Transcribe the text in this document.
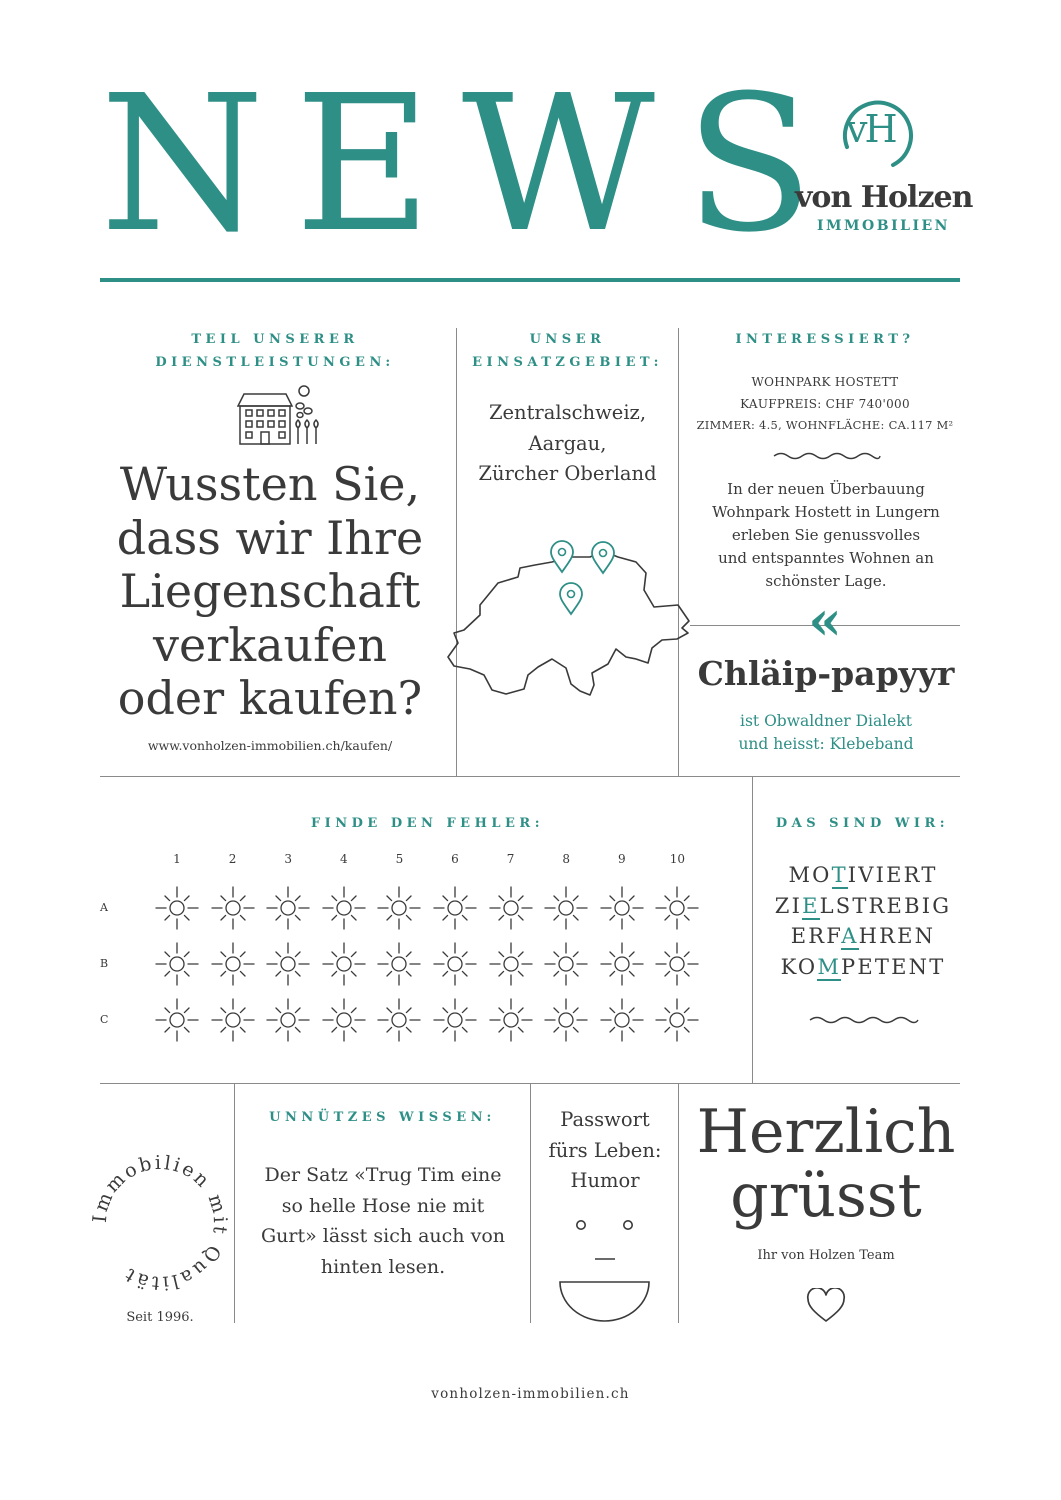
NEWS vH
von Holzen
IMMOBILIEN
TEIL UNSERER
DIENSTLEISTUNGEN:
Wussten Sie,
dass wir Ihre
Liegenschaft
verkaufen
oder kaufen?
www.vonholzen-immobilien.ch/kaufen/
UNSER
EINSATZGEBIET:
Zentralschweiz,
Aargau,
Zürcher Oberland
INTERESSIERT?
WOHNPARK HOSTETT
KAUFPREIS: CHF 740'000
ZIMMER: 4.5, WOHNFLÄCHE: CA.117 M²
In der neuen Überbauung
Wohnpark Hostett in Lungern
erleben Sie genussvolles
und entspanntes Wohnen an
schönster Lage.
«
Chläip-papyyr
ist Obwaldner Dialekt
und heisst: Klebeband
FINDE DEN FEHLER:
1	2	3	4	5	6	7	8	9	10
A
B
C
DAS SIND WIR:
MOTIVIERT
ZIELSTREBIG
ERFAHREN
KOMPETENT
Immobilien mit Qualität
Seit 1996.
UNNÜTZES WISSEN:
Der Satz «Trug Tim eine
so helle Hose nie mit
Gurt» lässt sich auch von
hinten lesen.
Passwort
fürs Leben:
Humor
Herzlich
grüsst
Ihr von Holzen Team
vonholzen-immobilien.ch
